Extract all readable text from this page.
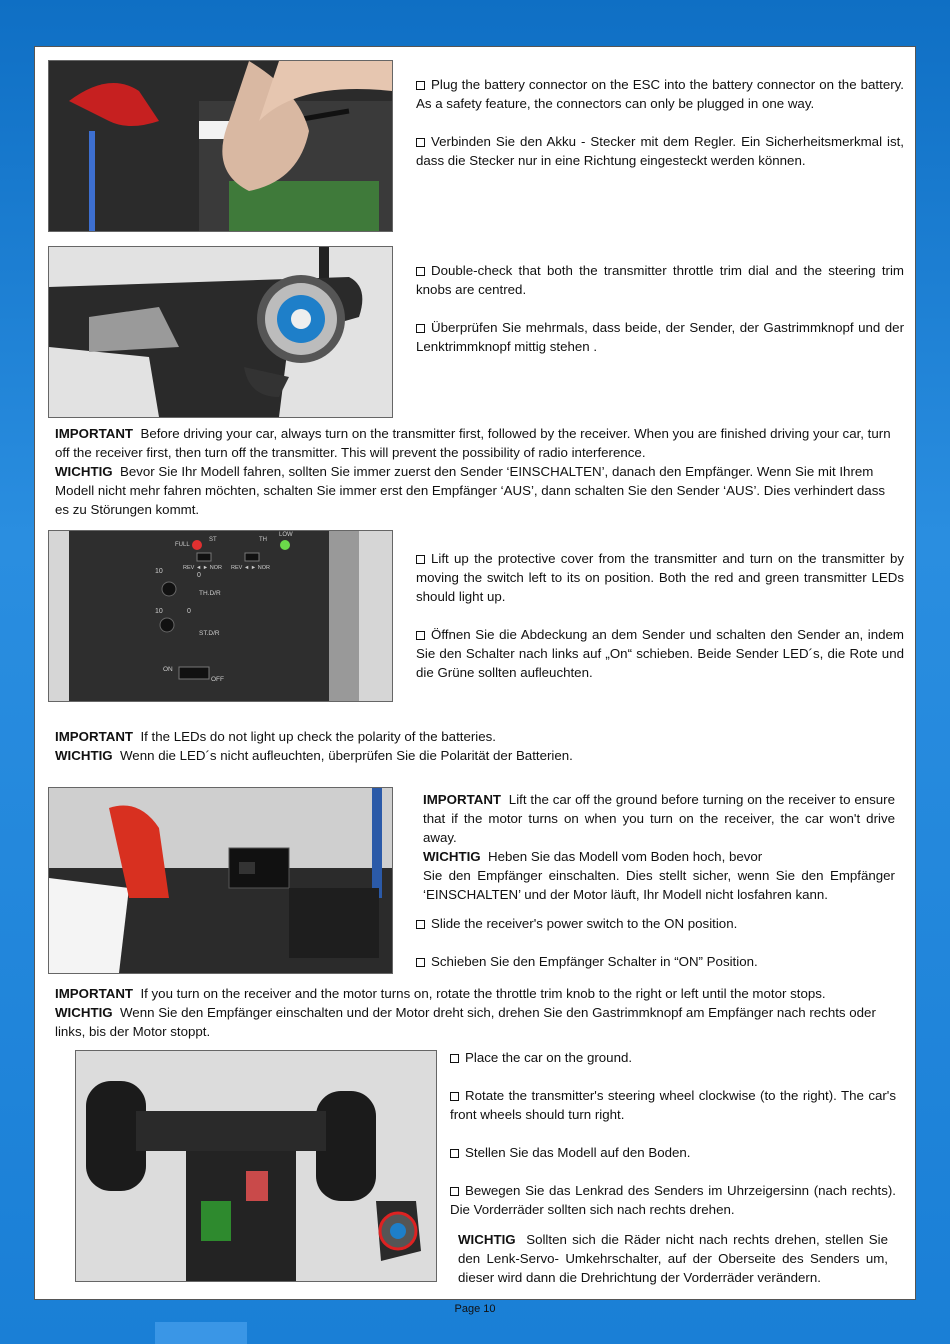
Plug the battery connector on the ESC into the battery connector on the battery. As a safety feature, the connectors can only be plugged in one way.

Verbinden Sie den Akku - Stecker mit dem Regler. Ein Sicherheitsmerkmal ist, dass die Stecker nur in eine Richtung eingesteckt werden können.

Double-check that both the transmitter throttle trim dial and the steering trim knobs are centred.

Überprüfen Sie mehrmals, dass beide, der Sender, der Gastrimmknopf und der Lenktrimmknopf mittig stehen .

IMPORTANT Before driving your car, always turn on the transmitter first, followed by the receiver. When you are finished driving your car, turn off the receiver first, then turn off the transmitter. This will prevent the possibility of radio interference.
WICHTIG Bevor Sie Ihr Modell fahren, sollten Sie immer zuerst den Sender ‘EINSCHALTEN’, danach den Empfänger. Wenn Sie mit Ihrem Modell nicht mehr fahren möchten, schalten Sie immer erst den Empfänger ‘AUS’, dann schalten Sie den Sender ‘AUS’. Dies verhindert dass es zu Störungen kommt.
FULL
LOW
ST	TH
REV ◄ ► NOR REV ◄ ► NOR
10
0
TH.D/R
10	0
ST.D/R
ON
OFF

Lift up the protective cover from the transmitter and turn on the transmitter by moving the switch left to its on position. Both the red and green transmitter LEDs should light up.

Öffnen Sie die Abdeckung an dem Sender und schalten den Sender an, indem Sie den Schalter nach links auf „On“ schieben. Beide Sender LED´s, die Rote und die Grüne sollten aufleuchten.

IMPORTANT If the LEDs do not light up check the polarity of the batteries.
WICHTIG Wenn die LED´s nicht aufleuchten, überprüfen Sie die Polarität der Batterien.
IMPORTANT Lift the car off the ground before turning on the receiver to ensure that if the motor turns on when you turn on the receiver, the car won't drive away.
WICHTIG Heben Sie das Modell vom Boden hoch, bevor
Sie den Empfänger einschalten. Dies stellt sicher, wenn Sie den Empfänger ‘EINSCHALTEN’ und der Motor läuft, Ihr Modell nicht losfahren kann.

Slide the receiver's power switch to the ON position.

Schieben Sie den Empfänger Schalter in “ON” Position.

IMPORTANT If you turn on the receiver and the motor turns on, rotate the throttle trim knob to the right or left until the motor stops.
WICHTIG Wenn Sie den Empfänger einschalten und der Motor dreht sich, drehen Sie den Gastrimmknopf am Empfänger nach rechts oder links, bis der Motor stoppt.

Place the car on the ground.

Rotate the transmitter's steering wheel clockwise (to the right). The car's front wheels should turn right.

Stellen Sie das Modell auf den Boden.

Bewegen Sie das Lenkrad des Senders im Uhrzeigersinn (nach rechts). Die Vorderräder sollten sich nach rechts drehen.

WICHTIG Sollten sich die Räder nicht nach rechts drehen, stellen Sie den Lenk-Servo- Umkehrschalter, auf der Oberseite des Senders um, dieser wird dann die Drehrichtung der Vorderräder verändern.
Page 10
